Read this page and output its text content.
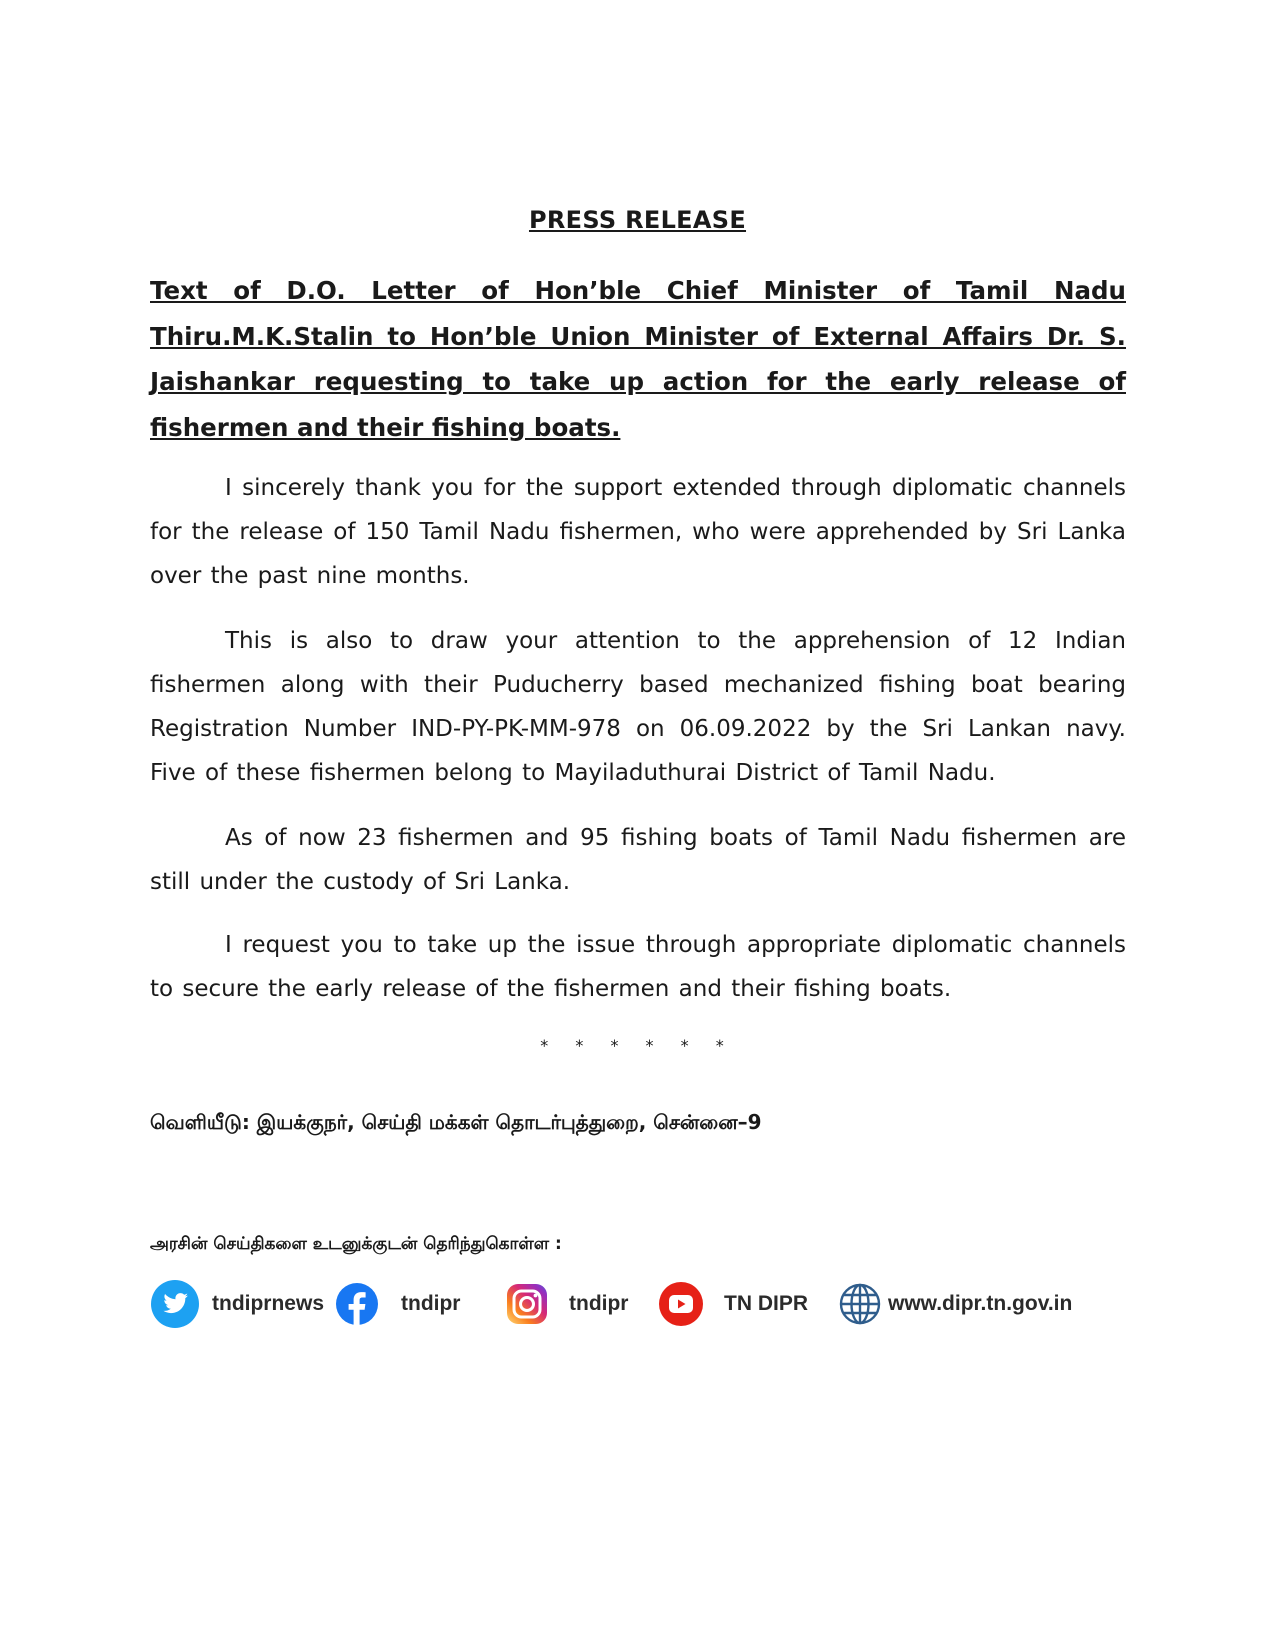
PRESS RELEASE
Text of D.O. Letter of Hon’ble Chief Minister of Tamil Nadu Thiru.M.K.Stalin to Hon’ble Union Minister of External Affairs Dr. S. Jaishankar requesting to take up action for the early release of fishermen and their fishing boats.

I sincerely thank you for the support extended through diplomatic channels for the release of 150 Tamil Nadu fishermen, who were apprehended by Sri Lanka over the past nine months.

This is also to draw your attention to the apprehension of 12 Indian fishermen along with their Puducherry based mechanized fishing boat bearing Registration Number IND-PY-PK-MM-978 on 06.09.2022 by the Sri Lankan navy. Five of these fishermen belong to Mayiladuthurai District of Tamil Nadu.

As of now 23 fishermen and 95 fishing boats of Tamil Nadu fishermen are still under the custody of Sri Lanka.

I request you to take up the issue through appropriate diplomatic channels to secure the early release of the fishermen and their fishing boats.

* * * * * *
வெளியீடு: இயக்குநர், செய்தி மக்கள் தொடர்புத்துறை, சென்னை–9
அரசின் செய்திகளை உடனுக்குடன் தெரிந்துகொள்ள :
tndiprnews	tndipr	tndipr	TN DIPR	www.dipr.tn.gov.in
